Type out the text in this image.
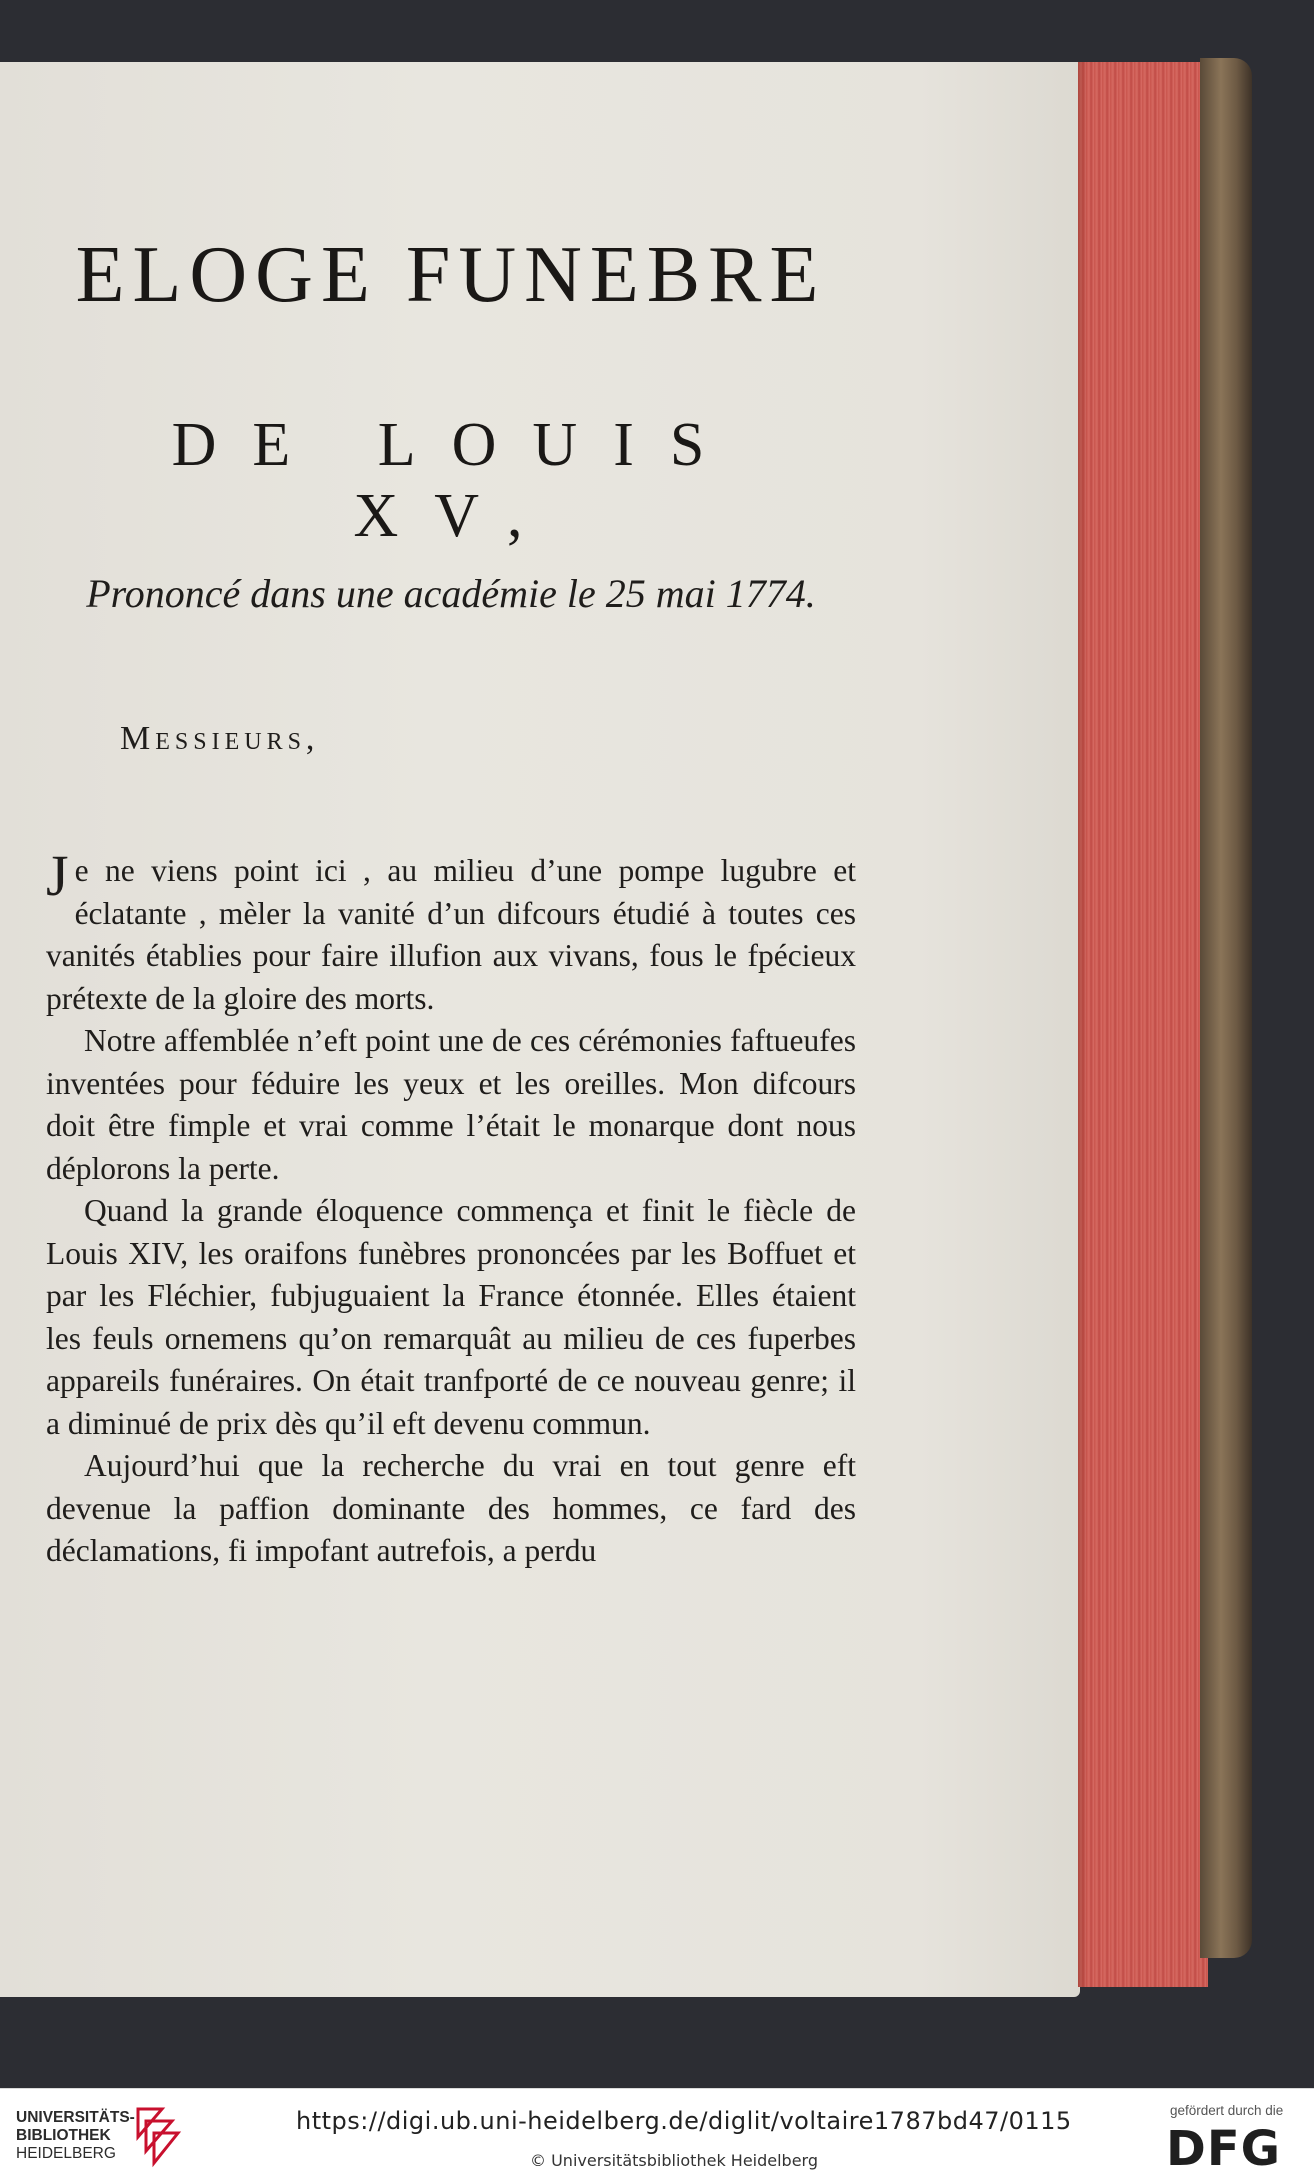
ELOGE FUNEBRE
DE LOUIS XV,

Prononcé dans une académie le 25 mai 1774.

Messieurs,

Je ne viens point ici , au milieu d’une pompe lugubre et éclatante , mèler la vanité d’un difcours étudié à toutes ces vanités établies pour faire illufion aux vivans, fous le fpécieux prétexte de la gloire des morts.

Notre affemblée n’eft point une de ces cérémonies faftueufes inventées pour féduire les yeux et les oreilles. Mon difcours doit être fimple et vrai comme l’était le monarque dont nous déplorons la perte.

Quand la grande éloquence commença et finit le fiècle de Louis XIV, les oraifons funèbres prononcées par les Boffuet et par les Fléchier, fubjuguaient la France étonnée. Elles étaient les feuls ornemens qu’on remarquât au milieu de ces fuperbes appareils funéraires. On était tranfporté de ce nouveau genre; il a diminué de prix dès qu’il eft devenu commun.

Aujourd’hui que la recherche du vrai en tout genre eft devenue la paffion dominante des hommes, ce fard des déclamations, fi impofant autrefois, a perdu

UNIVERSITÄTS-
BIBLIOTHEK
HEIDELBERG
https://digi.ub.uni-heidelberg.de/diglit/voltaire1787bd47/0115
© Universitätsbibliothek Heidelberg
gefördert durch die
DFG
